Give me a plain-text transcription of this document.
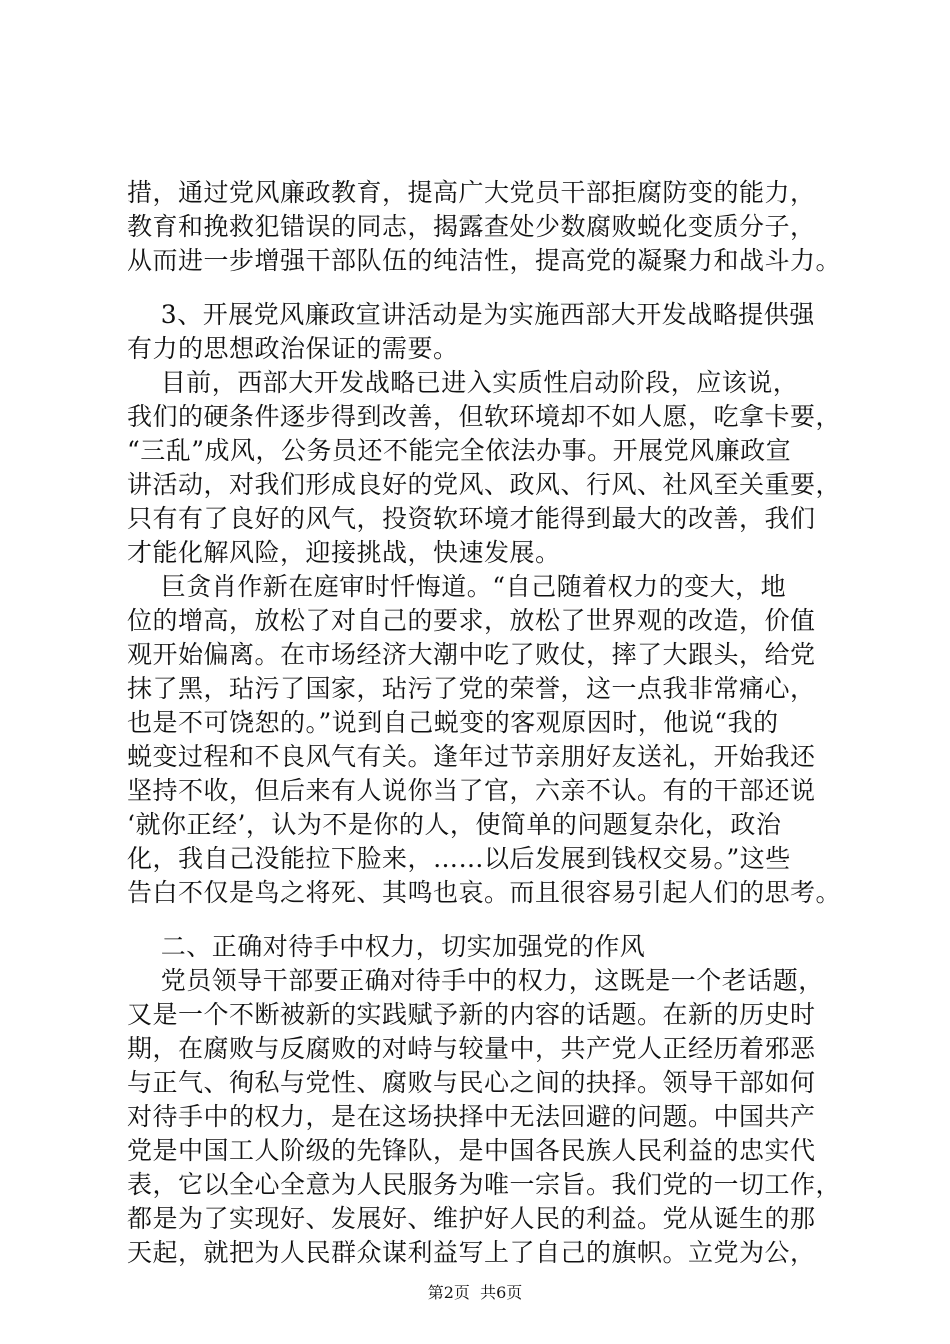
措，通过党风廉政教育，提高广大党员干部拒腐防变的能力，
教育和挽救犯错误的同志，揭露查处少数腐败蜕化变质分子，
从而进一步增强干部队伍的纯洁性，提高党的凝聚力和战斗力。
3、开展党风廉政宣讲活动是为实施西部大开发战略提供强
有力的思想政治保证的需要。
目前，西部大开发战略已进入实质性启动阶段，应该说，
我们的硬条件逐步得到改善，但软环境却不如人愿，吃拿卡要，
“三乱”成风，公务员还不能完全依法办事。开展党风廉政宣
讲活动，对我们形成良好的党风、政风、行风、社风至关重要，
只有有了良好的风气，投资软环境才能得到最大的改善，我们
才能化解风险，迎接挑战，快速发展。
巨贪肖作新在庭审时忏悔道。“自己随着权力的变大，地
位的增高，放松了对自己的要求，放松了世界观的改造，价值
观开始偏离。在市场经济大潮中吃了败仗，摔了大跟头，给党
抹了黑，玷污了国家，玷污了党的荣誉，这一点我非常痛心，
也是不可饶恕的。”说到自己蜕变的客观原因时，他说“我的
蜕变过程和不良风气有关。逢年过节亲朋好友送礼，开始我还
坚持不收，但后来有人说你当了官，六亲不认。有的干部还说
‘就你正经’，认为不是你的人，使简单的问题复杂化，政治
化，我自己没能拉下脸来，……以后发展到钱权交易。”这些
告白不仅是鸟之将死、其鸣也哀。而且很容易引起人们的思考。
二、正确对待手中权力，切实加强党的作风
党员领导干部要正确对待手中的权力，这既是一个老话题，
又是一个不断被新的实践赋予新的内容的话题。在新的历史时
期，在腐败与反腐败的对峙与较量中，共产党人正经历着邪恶
与正气、徇私与党性、腐败与民心之间的抉择。领导干部如何
对待手中的权力，是在这场抉择中无法回避的问题。中国共产
党是中国工人阶级的先锋队，是中国各民族人民利益的忠实代
表，它以全心全意为人民服务为唯一宗旨。我们党的一切工作，
都是为了实现好、发展好、维护好人民的利益。党从诞生的那
天起，就把为人民群众谋利益写上了自己的旗帜。立党为公，
第2页  共6页
